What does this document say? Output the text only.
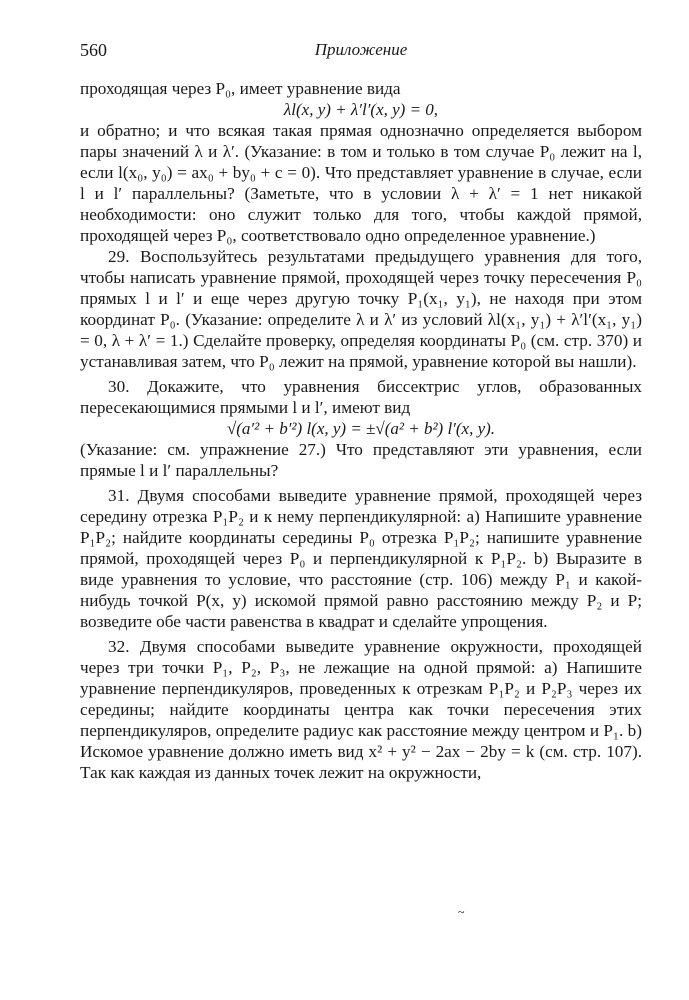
560	Приложение

проходящая через P₀, имеет уравнение вида

λl(x, y) + λ′l′(x, y) = 0,

и обратно; и что всякая такая прямая однозначно определяется выбором пары значений λ и λ′. (Указание: в том и только в том случае P₀ лежит на l, если l(x₀, y₀) = ax₀ + by₀ + c = 0). Что представляет уравнение в случае, если l и l′ параллельны? (Заметьте, что в условии λ + λ′ = 1 нет никакой необходимости: оно служит только для того, чтобы каждой прямой, проходящей через P₀, соответствовало одно определенное уравнение.)

29. Воспользуйтесь результатами предыдущего уравнения для того, чтобы написать уравнение прямой, проходящей через точку пересечения P₀ прямых l и l′ и еще через другую точку P₁(x₁, y₁), не находя при этом координат P₀. (Указание: определите λ и λ′ из условий λl(x₁, y₁) + λ′l′(x₁, y₁) = 0, λ + λ′ = 1.) Сделайте проверку, определяя координаты P₀ (см. стр. 370) и устанавливая затем, что P₀ лежит на прямой, уравнение которой вы нашли).

30. Докажите, что уравнения биссектрис углов, образованных пересекающимися прямыми l и l′, имеют вид

√(a′² + b′²) l(x, y) = ±√(a² + b²) l′(x, y).

(Указание: см. упражнение 27.) Что представляют эти уравнения, если прямые l и l′ параллельны?

31. Двумя способами выведите уравнение прямой, проходящей через середину отрезка P₁P₂ и к нему перпендикулярной: a) Напишите уравнение P₁P₂; найдите координаты середины P₀ отрезка P₁P₂; напишите уравнение прямой, проходящей через P₀ и перпендикулярной к P₁P₂. b) Выразите в виде уравнения то условие, что расстояние (стр. 106) между P₁ и какой-нибудь точкой P(x, y) искомой прямой равно расстоянию между P₂ и P; возведите обе части равенства в квадрат и сделайте упрощения.

32. Двумя способами выведите уравнение окружности, проходящей через три точки P₁, P₂, P₃, не лежащие на одной прямой: a) Напишите уравнение перпендикуляров, проведенных к отрезкам P₁P₂ и P₂P₃ через их середины; найдите координаты центра как точки пересечения этих перпендикуляров, определите радиус как расстояние между центром и P₁. b) Искомое уравнение должно иметь вид x² + y² − 2ax − 2by = k (см. стр. 107). Так как каждая из данных точек лежит на окружности,

~
